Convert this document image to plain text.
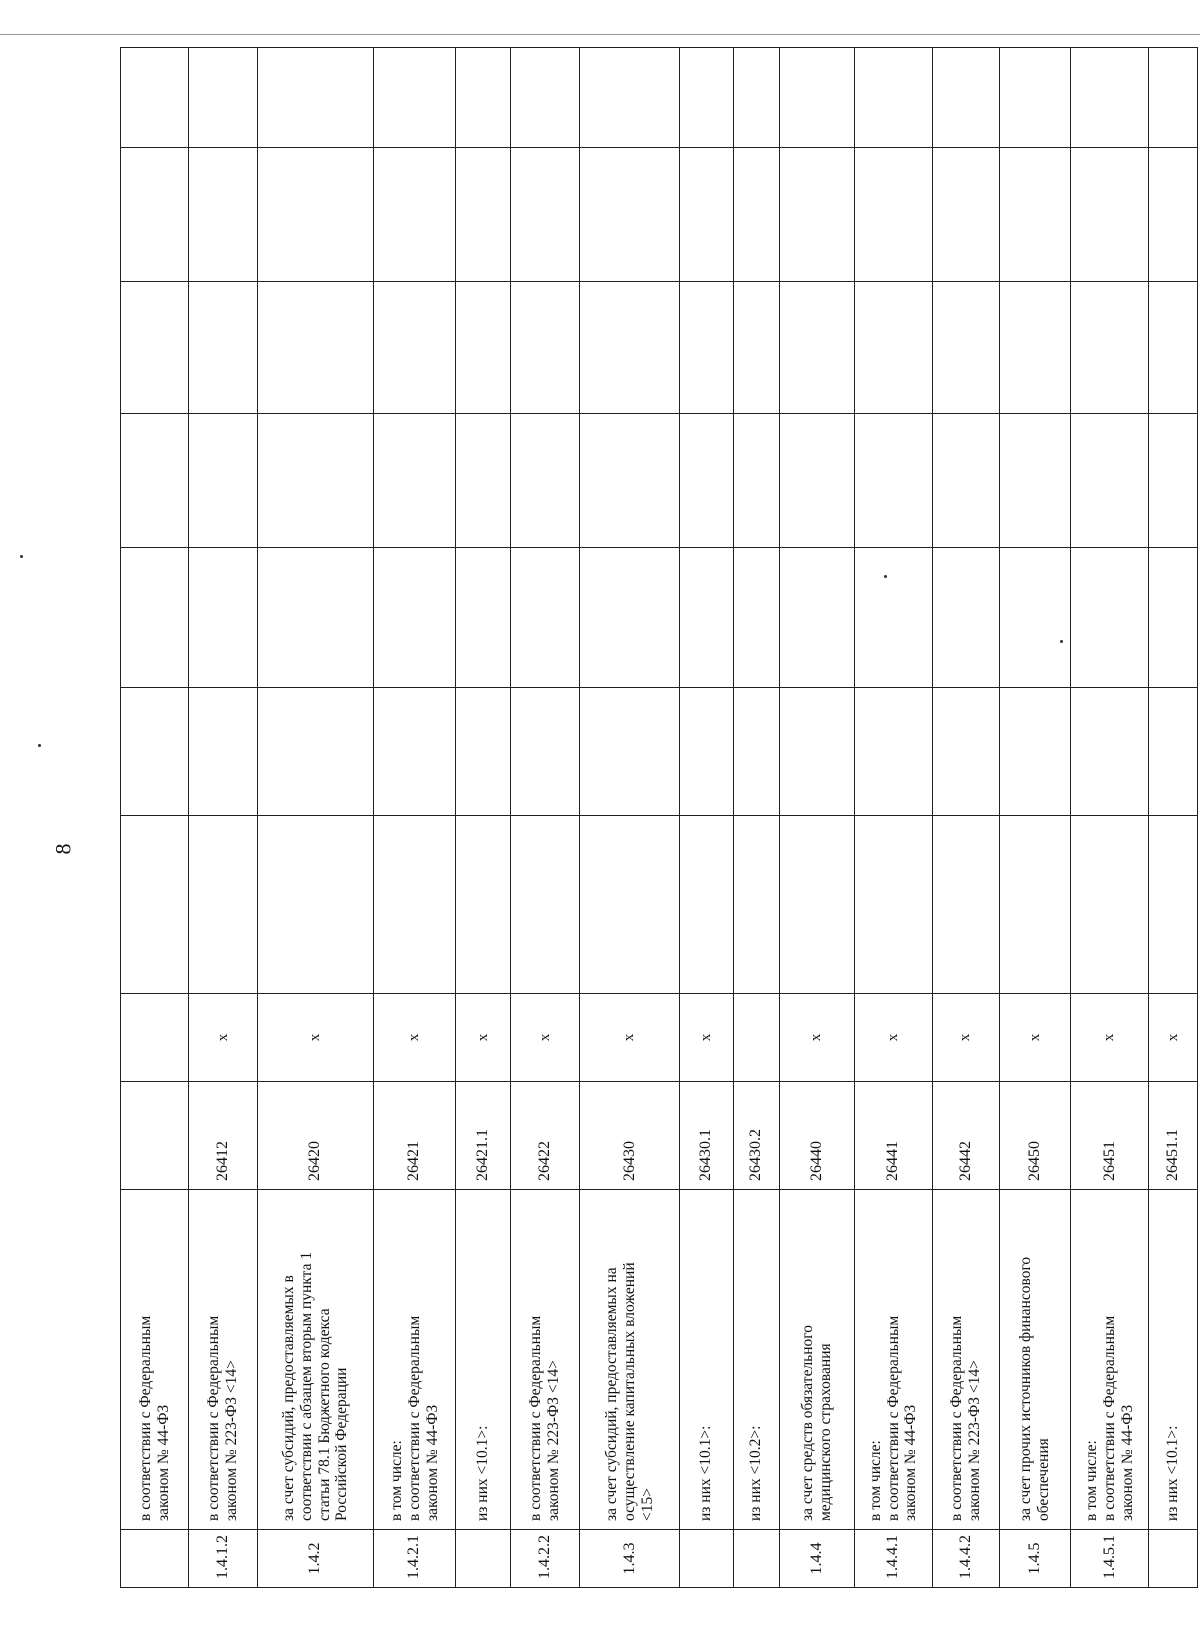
8

	в соответствии с Федеральным
законом № 44-ФЗ									

1.4.1.2	в соответствии с Федеральным
законом № 223-ФЗ <14>	26412	x							
1.4.2	за счет субсидий, предоставляемых в
соответствии с абзацем вторым пункта 1
статьи 78.1 Бюджетного кодекса
Российской Федерации	26420	x							
1.4.2.1	в том числе:
в соответствии с Федеральным
законом № 44-ФЗ	26421	x							

	из них <10.1>:	26421.1	x							
1.4.2.2	в соответствии с Федеральным
законом № 223-ФЗ <14>	26422	x							
1.4.3	за счет субсидий, предоставляемых на
осуществление капитальных вложений
<15>	26430	x							

	из них <10.1>:	26430.1	x							

	из них <10.2>:	26430.2								
1.4.4	за счет средств обязательного
медицинского страхования	26440	x							
1.4.4.1	в том числе:
в соответствии с Федеральным
законом № 44-ФЗ	26441	x							
1.4.4.2	в соответствии с Федеральным
законом № 223-ФЗ <14>	26442	x							
1.4.5	за счет прочих источников финансового
обеспечения	26450	x							
1.4.5.1	в том числе:
в соответствии с Федеральным
законом № 44-ФЗ	26451	x							

	из них <10.1>:	26451.1	x							
